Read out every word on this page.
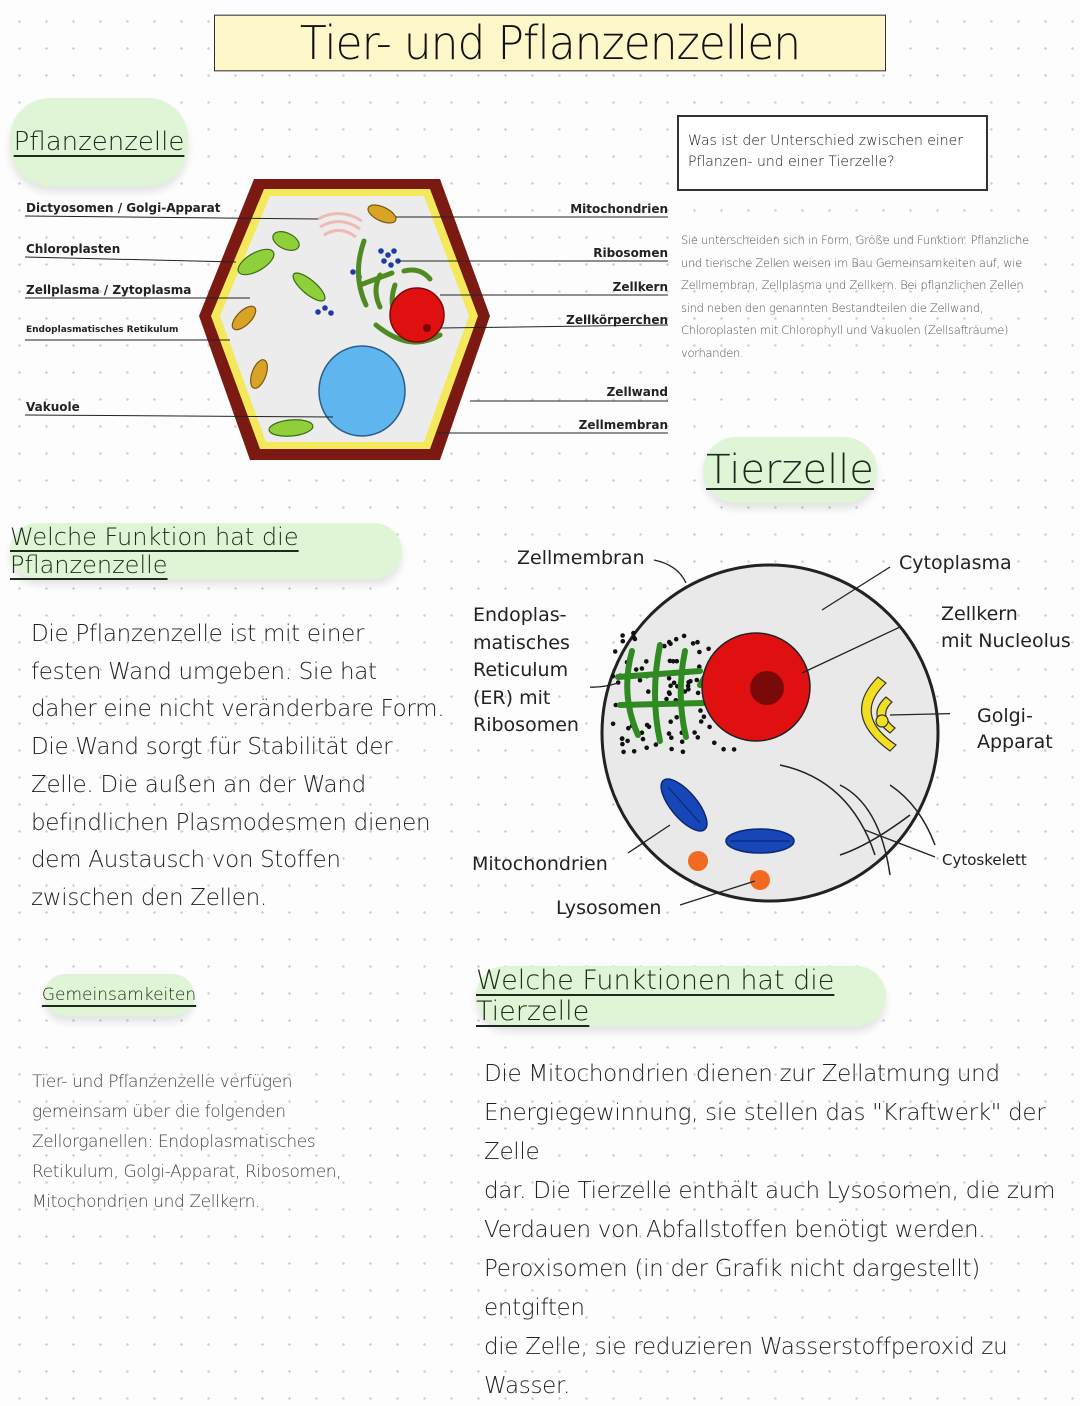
Tier- und Pflanzenzellen
Pflanzenzelle
Dictyosomen / Golgi-Apparat
Chloroplasten
Zellplasma / Zytoplasma
Endoplasmatisches Retikulum
Vakuole
Mitochondrien
Ribosomen
Zellkern
Zellkörperchen
Zellwand
Zellmembran
Was ist der Unterschied zwischen einer Pflanzen- und einer Tierzelle?
Sie unterscheiden sich in Form, Größe und Funktion. Pflanzliche und tierische Zellen weisen im Bau Gemeinsamkeiten auf, wie Zellmembran, Zellplasma und Zellkern. Bei pflanzlichen Zellen sind neben den genannten Bestandteilen die Zellwand, Chloroplasten mit Chlorophyll und Vakuolen (Zellsafträume) vorhanden.
Tierzelle
Welche Funktion hat die Pflanzenzelle
Die Pflanzenzelle ist mit einer
festen Wand umgeben. Sie hat
daher eine nicht veränderbare Form.
Die Wand sorgt für Stabilität der
Zelle. Die außen an der Wand
befindlichen Plasmodesmen dienen
dem Austausch von Stoffen
zwischen den Zellen.
Zellmembran	Cytoplasma
Endoplas-
matisches
Reticulum
(ER) mit
Ribosomen
Zellkern
mit Nucleolus
Golgi-
Apparat
Mitochondrien
Lysosomen
Cytoskelett
Gemeinsamkeiten
Tier- und Pflanzenzelle verfügen
gemeinsam über die folgenden
Zellorganellen: Endoplasmatisches
Retikulum, Golgi-Apparat, Ribosomen,
Mitochondrien und Zellkern.
Welche Funktionen hat die Tierzelle
Die Mitochondrien dienen zur Zellatmung und
Energiegewinnung, sie stellen das "Kraftwerk" der Zelle
dar. Die Tierzelle enthält auch Lysosomen, die zum
Verdauen von Abfallstoffen benötigt werden.
Peroxisomen (in der Grafik nicht dargestellt) entgiften
die Zelle, sie reduzieren Wasserstoffperoxid zu
Wasser.
